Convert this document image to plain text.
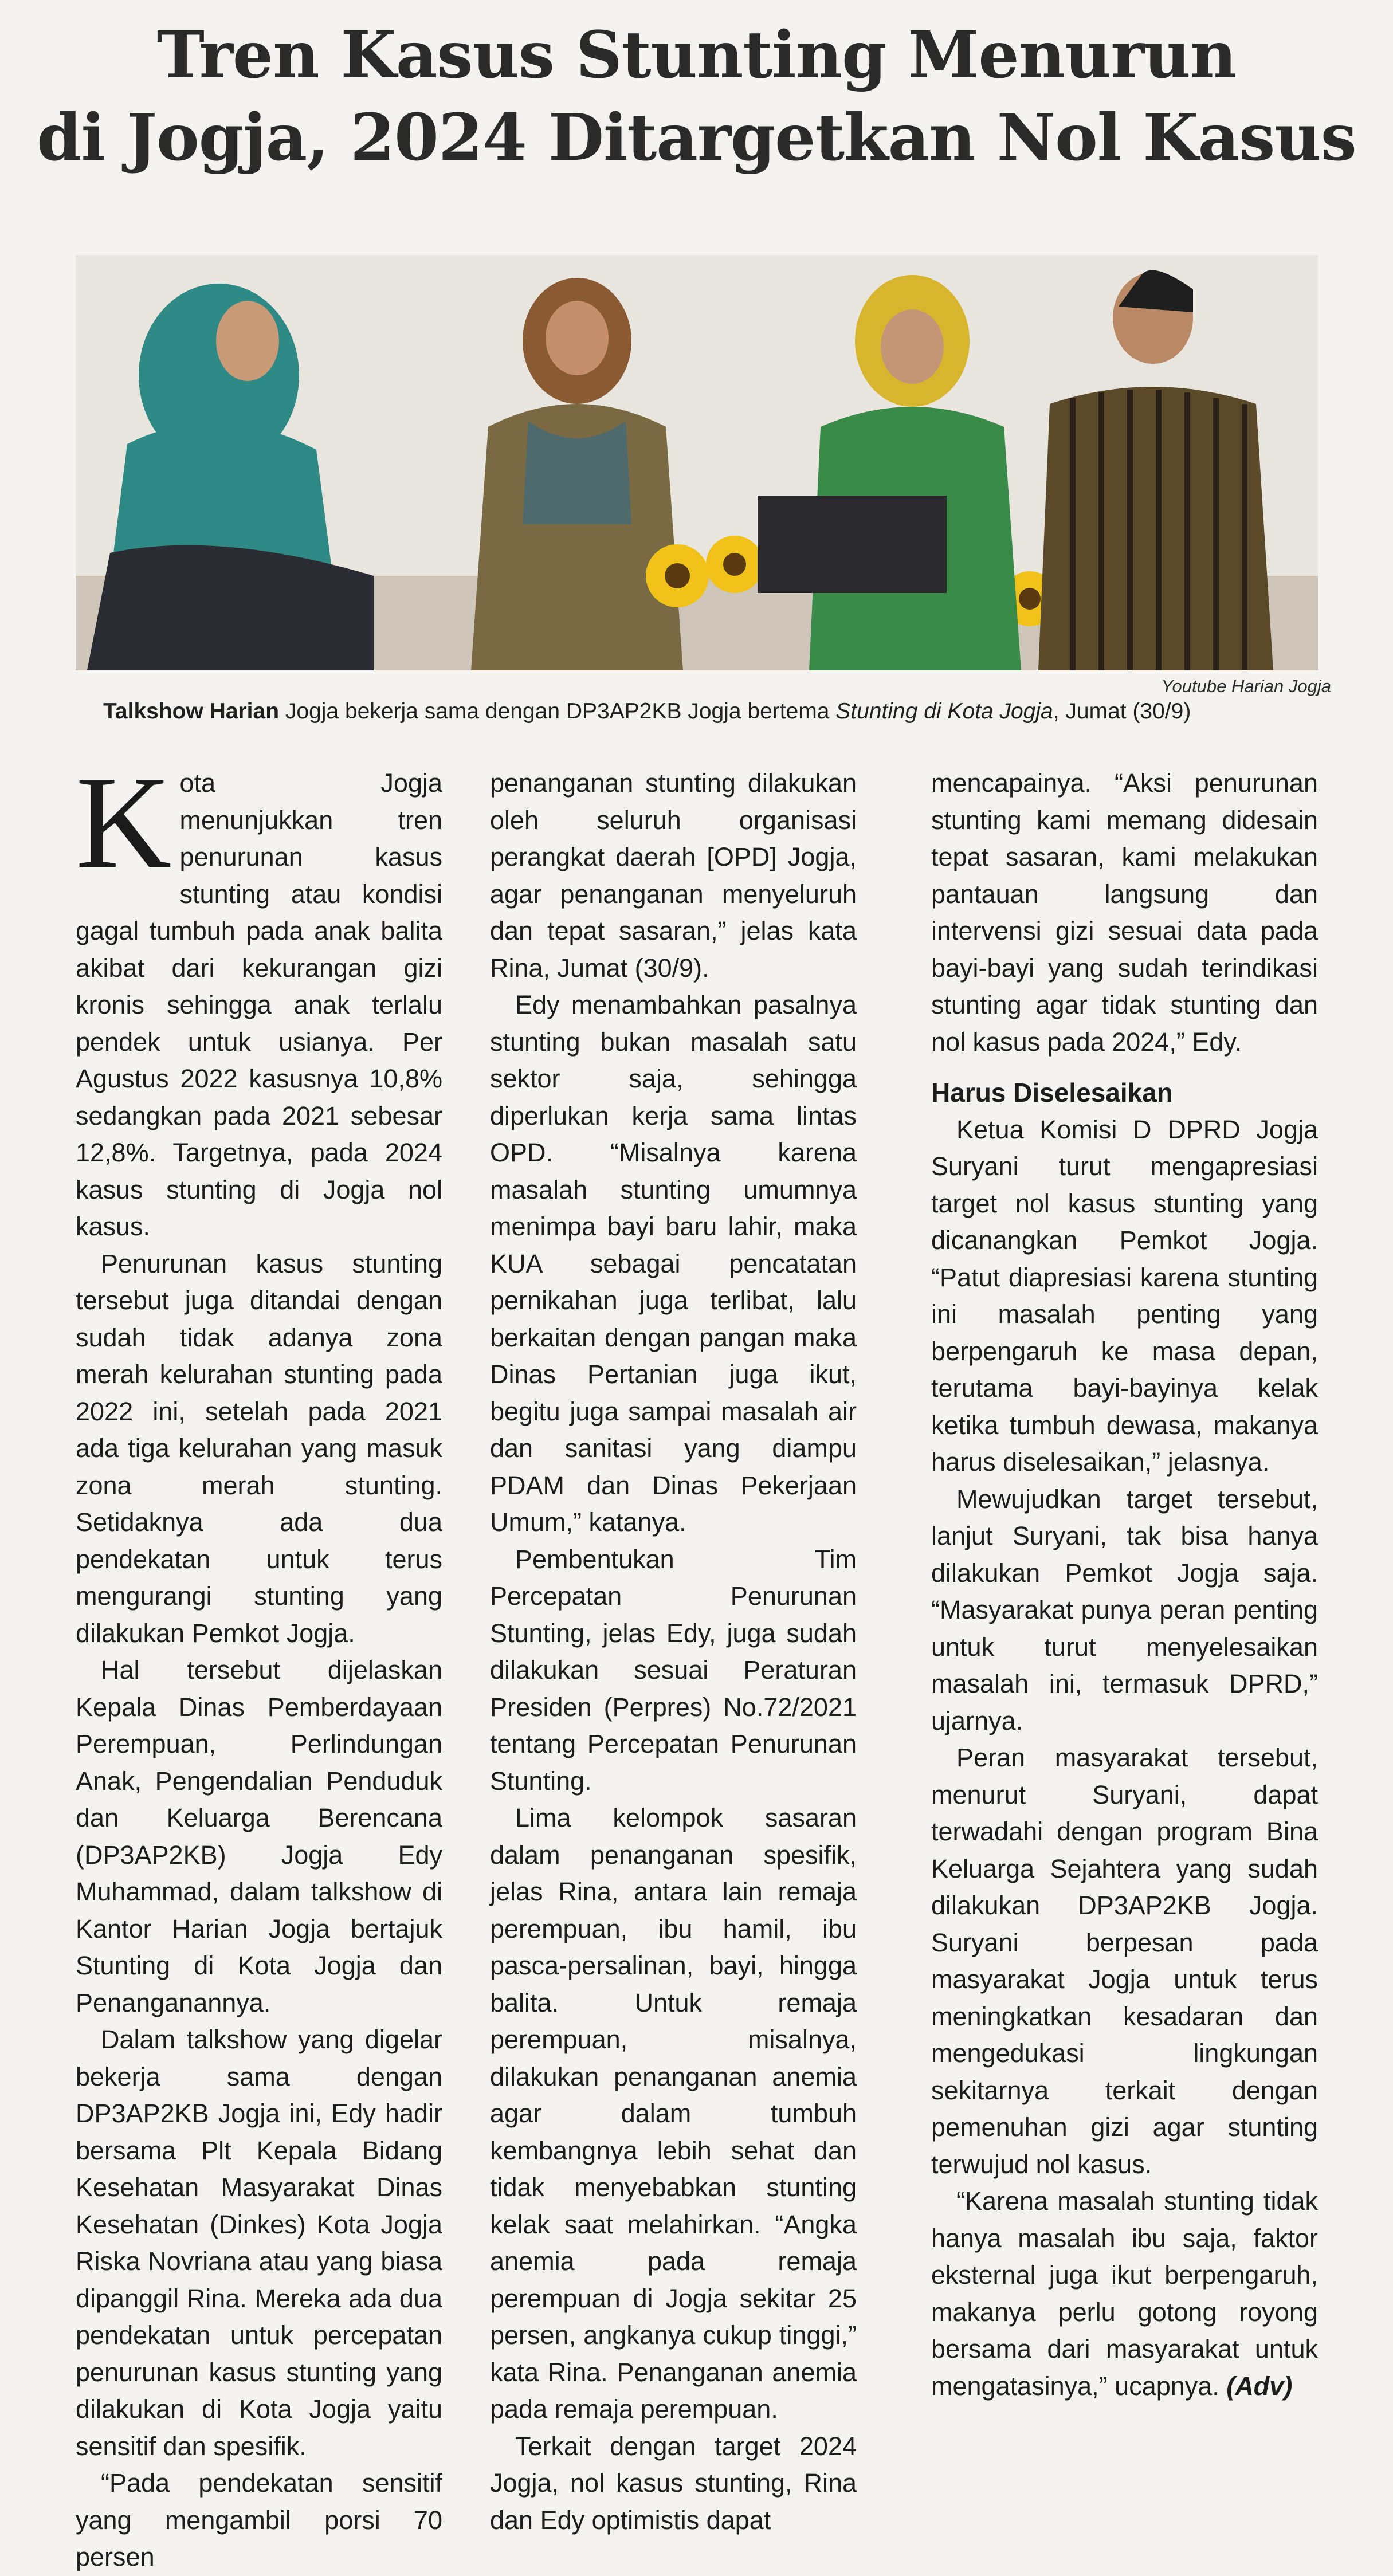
Tren Kasus Stunting Menurun
di Jogja, 2024 Ditargetkan Nol Kasus
Youtube Harian Jogja
Talkshow Harian Jogja bekerja sama dengan DP3AP2KB Jogja bertema Stunting di Kota Jogja, Jumat (30/9)

Kota Jogja menunjukkan tren penurunan kasus stunting atau kondisi gagal tumbuh pada anak balita akibat dari kekurangan gizi kronis sehingga anak terlalu pendek untuk usianya. Per Agustus 2022 kasusnya 10,8% sedangkan pada 2021 sebesar 12,8%. Targetnya, pada 2024 kasus stunting di Jogja nol kasus.

Penurunan kasus stunting tersebut juga ditandai dengan sudah tidak adanya zona merah kelurahan stunting pada 2022 ini, setelah pada 2021 ada tiga kelurahan yang masuk zona merah stunting. Setidaknya ada dua pendekatan untuk terus mengurangi stunting yang dilakukan Pemkot Jogja.

Hal tersebut dijelaskan Kepala Dinas Pemberdayaan Perempuan, Perlindungan Anak, Pengendalian Penduduk dan Keluarga Berencana (DP3AP2KB) Jogja Edy Muhammad, dalam talkshow di Kantor Harian Jogja bertajuk Stunting di Kota Jogja dan Penanganannya.

Dalam talkshow yang digelar bekerja sama dengan DP3AP2KB Jogja ini, Edy hadir bersama Plt Kepala Bidang Kesehatan Masyarakat Dinas Kesehatan (Dinkes) Kota Jogja Riska Novriana atau yang biasa dipanggil Rina. Mereka ada dua pendekatan untuk percepatan penurunan kasus stunting yang dilakukan di Kota Jogja yaitu sensitif dan spesifik.

“Pada pendekatan sensitif yang mengambil porsi 70 persen

penanganan stunting dilakukan oleh seluruh organisasi perangkat daerah [OPD] Jogja, agar penanganan menyeluruh dan tepat sasaran,” jelas kata Rina, Jumat (30/9).

Edy menambahkan pasalnya stunting bukan masalah satu sektor saja, sehingga diperlukan kerja sama lintas OPD. “Misalnya karena masalah stunting umumnya menimpa bayi baru lahir, maka KUA sebagai pencatatan pernikahan juga terlibat, lalu berkaitan dengan pangan maka Dinas Pertanian juga ikut, begitu juga sampai masalah air dan sanitasi yang diampu PDAM dan Dinas Pekerjaan Umum,” katanya.

Pembentukan Tim Percepatan Penurunan Stunting, jelas Edy, juga sudah dilakukan sesuai Peraturan Presiden (Perpres) No.72/2021 tentang Percepatan Penurunan Stunting.

Lima kelompok sasaran dalam penanganan spesifik, jelas Rina, antara lain remaja perempuan, ibu hamil, ibu pasca-persalinan, bayi, hingga balita. Untuk remaja perempuan, misalnya, dilakukan penanganan anemia agar dalam tumbuh kembangnya lebih sehat dan tidak menyebabkan stunting kelak saat melahirkan. “Angka anemia pada remaja perempuan di Jogja sekitar 25 persen, angkanya cukup tinggi,” kata Rina. Penanganan anemia pada remaja perempuan.

Terkait dengan target 2024 Jogja, nol kasus stunting, Rina dan Edy optimistis dapat

mencapainya. “Aksi penurunan stunting kami memang didesain tepat sasaran, kami melakukan pantauan langsung dan intervensi gizi sesuai data pada bayi-bayi yang sudah terindikasi stunting agar tidak stunting dan nol kasus pada 2024,” Edy.

Harus Diselesaikan

Ketua Komisi D DPRD Jogja Suryani turut mengapresiasi target nol kasus stunting yang dicanangkan Pemkot Jogja. “Patut diapresiasi karena stunting ini masalah penting yang berpengaruh ke masa depan, terutama bayi-bayinya kelak ketika tumbuh dewasa, makanya harus diselesaikan,” jelasnya.

Mewujudkan target tersebut, lanjut Suryani, tak bisa hanya dilakukan Pemkot Jogja saja. “Masyarakat punya peran penting untuk turut menyelesaikan masalah ini, termasuk DPRD,” ujarnya.

Peran masyarakat tersebut, menurut Suryani, dapat terwadahi dengan program Bina Keluarga Sejahtera yang sudah dilakukan DP3AP2KB Jogja. Suryani berpesan pada masyarakat Jogja untuk terus meningkatkan kesadaran dan mengedukasi lingkungan sekitarnya terkait dengan pemenuhan gizi agar stunting terwujud nol kasus.

“Karena masalah stunting tidak hanya masalah ibu saja, faktor eksternal juga ikut berpengaruh, makanya perlu gotong royong bersama dari masyarakat untuk mengatasinya,” ucapnya. (Adv)
